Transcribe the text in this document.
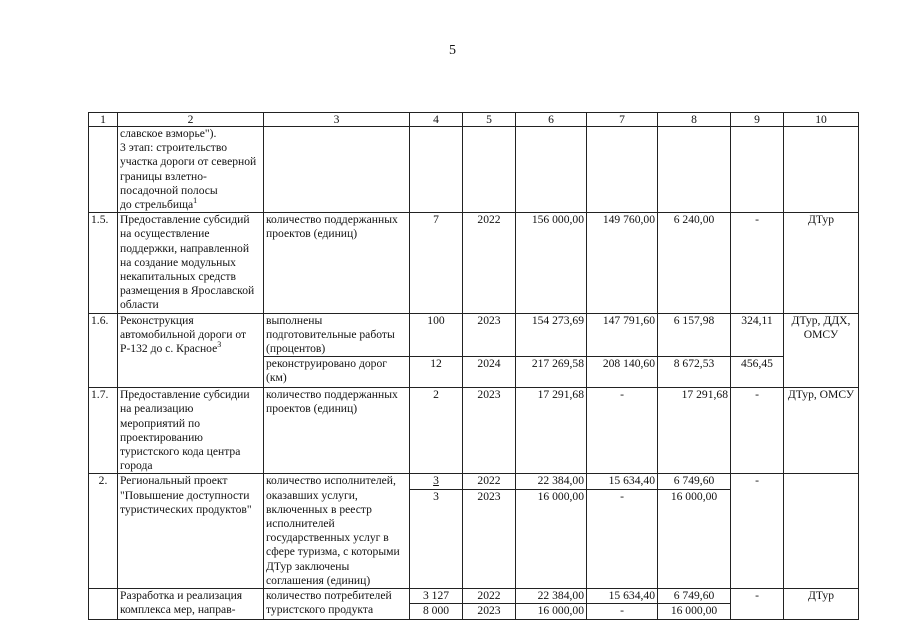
5
1	2	3	4	5	6	7	8	9	10
	славское взморье").
3 этап: строительство участка дороги от северной границы взлетно-посадочной полосы
до стрельбища$^1$								
1.5.	Предоставление субсидий на осуществление поддержки, направленной на создание модульных некапитальных средств размещения в Ярославской области	количество поддержанных проектов (единиц)	7	2022	156 000,00	149 760,00	6 240,00	-	ДТур
1.6.	Реконструкция автомобильной дороги от Р-132 до с. Красное$^3$	выполнены подготовительные работы (процентов)	100	2023	154 273,69	147 791,60	6 157,98	324,11	ДТур, ДДХ, ОМСУ
		реконструировано дорог (км)	12	2024	217 269,58	208 140,60	8 672,53	456,45	
1.7.	Предоставление субсидии на реализацию мероприятий по проектированию туристского кода центра города	количество поддержанных проектов (единиц)	2	2023	17 291,68	-	17 291,68	-	ДТур, ОМСУ
2.	Региональный проект "Повышение доступности туристических продуктов"	количество исполнителей, оказавших услуги, включенных в реестр исполнителей государственных услуг в сфере туризма, с которыми ДТур заключены соглашения (единиц)	3	2022	22 384,00	15 634,40	6 749,60	-	
			3	2023	16 000,00	-	16 000,00		
	Разработка и реализация комплекса мер, направ-	количество потребителей туристского продукта	3 127	2022	22 384,00	15 634,40	6 749,60	-	ДТур
			8 000	2023	16 000,00	-	16 000,00		
